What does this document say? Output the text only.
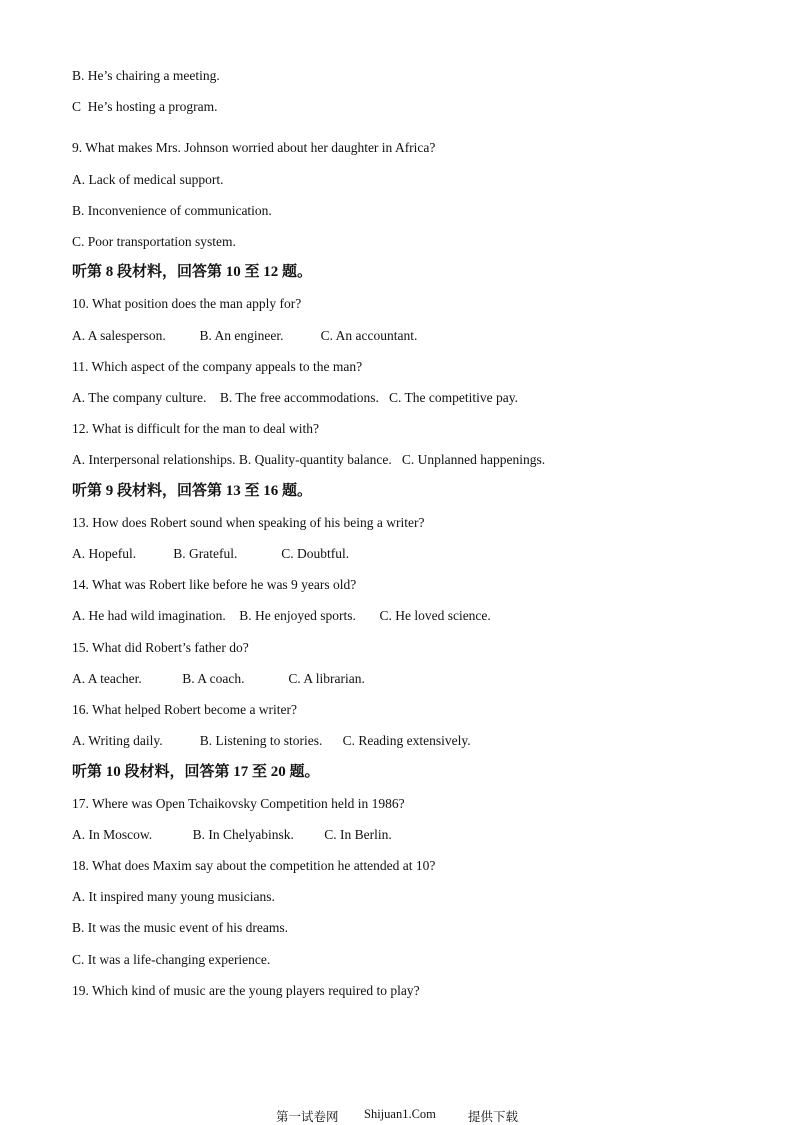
B. He’s chairing a meeting.
C  He’s hosting a program.
9. What makes Mrs. Johnson worried about her daughter in Africa?
A. Lack of medical support.
B. Inconvenience of communication.
C. Poor transportation system.
听第 8 段材料，回答第 10 至 12 题。
10. What position does the man apply for?
A. A salesperson.          B. An engineer.           C. An accountant.
11. Which aspect of the company appeals to the man?
A. The company culture.    B. The free accommodations.   C. The competitive pay.
12. What is difficult for the man to deal with?
A. Interpersonal relationships. B. Quality-quantity balance.   C. Unplanned happenings.
听第 9 段材料，回答第 13 至 16 题。
13. How does Robert sound when speaking of his being a writer?
A. Hopeful.           B. Grateful.             C. Doubtful.
14. What was Robert like before he was 9 years old?
A. He had wild imagination.    B. He enjoyed sports.       C. He loved science.
15. What did Robert’s father do?
A. A teacher.            B. A coach.             C. A librarian.
16. What helped Robert become a writer?
A. Writing daily.           B. Listening to stories.      C. Reading extensively.
听第 10 段材料，回答第 17 至 20 题。
17. Where was Open Tchaikovsky Competition held in 1986?
A. In Moscow.            B. In Chelyabinsk.         C. In Berlin.
18. What does Maxim say about the competition he attended at 10?
A. It inspired many young musicians.
B. It was the music event of his dreams.
C. It was a life-changing experience.
19. Which kind of music are the young players required to play?
第一试卷网 Shijuan1.Com	提供下载
